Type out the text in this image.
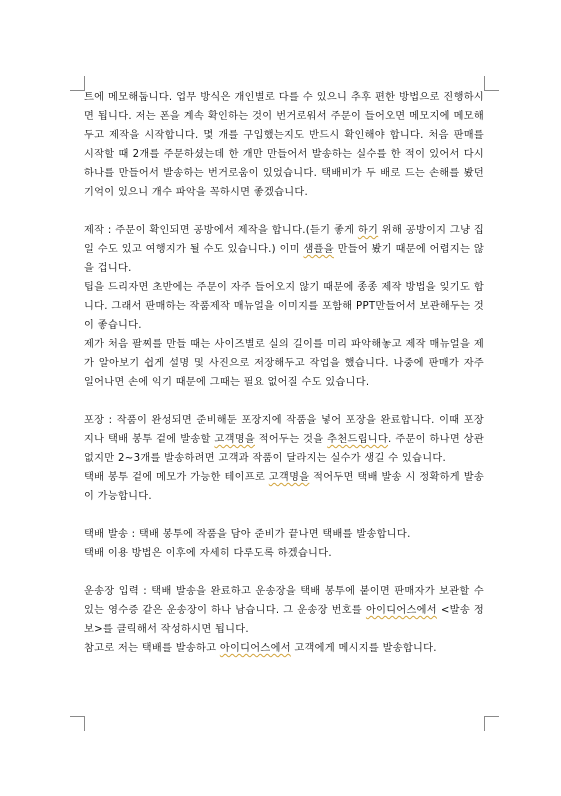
트에 메모해둡니다. 업무 방식은 개인별로 다를 수 있으니 추후 편한 방법으로 진행하시면 됩니다. 저는 폰을 계속 확인하는 것이 번거로워서 주문이 들어오면 메모지에 메모해두고 제작을 시작합니다. 몇 개를 구입했는지도 반드시 확인해야 합니다. 처음 판매를 시작할 때 2개를 주문하셨는데 한 개만 만들어서 발송하는 실수를 한 적이 있어서 다시 하나를 만들어서 발송하는 번거로움이 있었습니다. 택배비가 두 배로 드는 손해를 봤던 기억이 있으니 개수 파악을 꼭하시면 좋겠습니다.

제작 : 주문이 확인되면 공방에서 제작을 합니다.(듣기 좋게 하기 위해 공방이지 그냥 집일 수도 있고 여행지가 될 수도 있습니다.) 이미 샘플을 만들어 봤기 때문에 어렵지는 않을 겁니다.

팁을 드리자면 초반에는 주문이 자주 들어오지 않기 때문에 종종 제작 방법을 잊기도 합니다. 그래서 판매하는 작품제작 매뉴얼을 이미지를 포함해 PPT만들어서 보관해두는 것이 좋습니다.

제가 처음 팔찌를 만들 때는 사이즈별로 실의 길이를 미리 파악해놓고 제작 매뉴얼을 제가 알아보기 쉽게 설명 및 사진으로 저장해두고 작업을 했습니다. 나중에 판매가 자주 일어나면 손에 익기 때문에 그때는 필요 없어질 수도 있습니다.

포장 : 작품이 완성되면 준비해둔 포장지에 작품을 넣어 포장을 완료합니다. 이때 포장지나 택배 봉투 겉에 발송할 고객명을 적어두는 것을 추천드립니다. 주문이 하나면 상관없지만 2~3개를 발송하려면 고객과 작품이 달라지는 실수가 생길 수 있습니다.

택배 봉투 겉에 메모가 가능한 테이프로 고객명을 적어두면 택배 발송 시 정확하게 발송이 가능합니다.

택배 발송 : 택배 봉투에 작품을 담아 준비가 끝나면 택배를 발송합니다.

택배 이용 방법은 이후에 자세히 다루도록 하겠습니다.

운송장 입력 : 택배 발송을 완료하고 운송장을 택배 봉투에 붙이면 판매자가 보관할 수 있는 영수증 같은 운송장이 하나 남습니다. 그 운송장 번호를 아이디어스에서 <발송 정보>를 클릭해서 작성하시면 됩니다.

참고로 저는 택배를 발송하고 아이디어스에서 고객에게 메시지를 발송합니다.
